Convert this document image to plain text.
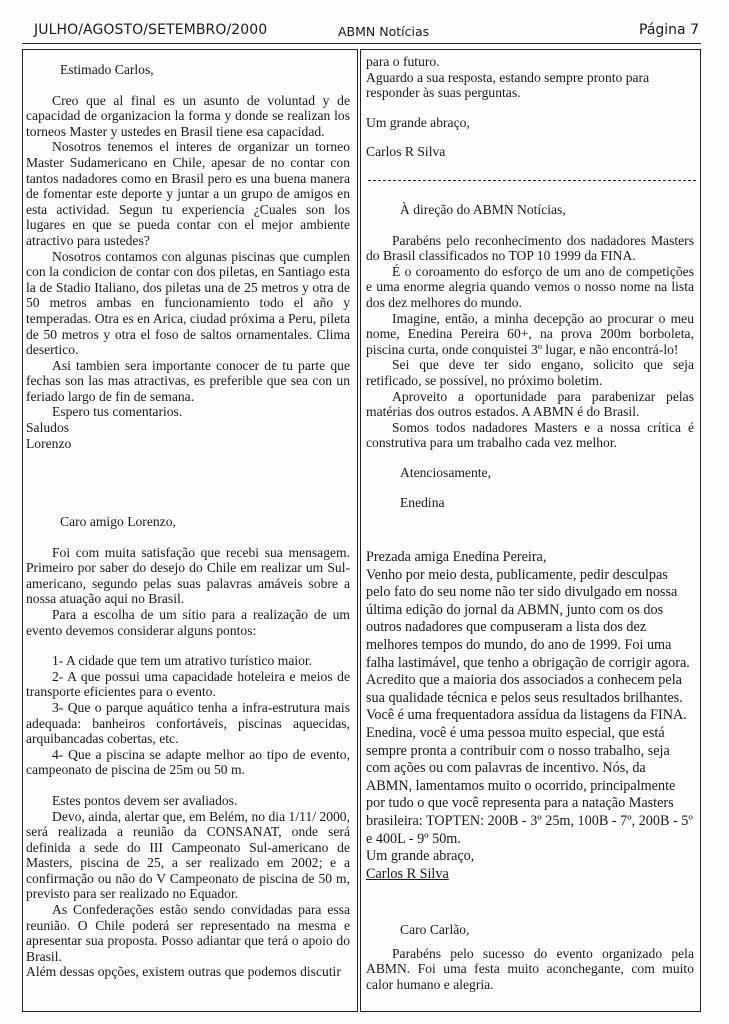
JULHO/AGOSTO/SETEMBRO/2000	ABMN Notícias	Página 7

Estimado Carlos,

Creo que al final es un asunto de voluntad y de capacidad de organizacion la forma y donde se realizan los torneos Master y ustedes en Brasil tiene esa capacidad.

Nosotros tenemos el interes de organizar un torneo Master Sudamericano en Chile, apesar de no contar con tantos nadadores como en Brasil pero es una buena manera de fomentar este deporte y juntar a un grupo de amigos en esta actividad. Segun tu experiencia ¿Cuales son los lugares en que se pueda contar con el mejor ambiente atractivo para ustedes?

Nosotros contamos con algunas piscinas que cumplen con la condicion de contar con dos piletas, en Santiago esta la de Stadio Italiano, dos piletas una de 25 metros y otra de 50 metros ambas en funcionamiento todo el año y temperadas. Otra es en Arica, ciudad próxima a Peru, pileta de 50 metros y otra el foso de saltos ornamentales. Clima desertico.

Asi tambien sera importante conocer de tu parte que fechas son las mas atractivas, es preferible que sea con un feriado largo de fin de semana.

Espero tus comentarios.

Saludos

Lorenzo

Caro amigo Lorenzo,

Foi com muita satisfação que recebi sua mensagem. Primeiro por saber do desejo do Chile em realizar um Sul-americano, segundo pelas suas palavras amáveis sobre a nossa atuação aqui no Brasil.

Para a escolha de um sítio para a realização de um evento devemos considerar alguns pontos:

1- A cidade que tem um atrativo turístico maior.

2- A que possui uma capacidade hoteleira e meios de transporte eficientes para o evento.

3- Que o parque aquático tenha a infra-estrutura mais adequada: banheiros confortáveis, piscinas aquecidas, arquibancadas cobertas, etc.

4- Que a piscina se adapte melhor ao tipo de evento, campeonato de piscina de 25m ou 50 m.

Estes pontos devem ser avaliados.

Devo, ainda, alertar que, em Belém, no dia 1/11/ 2000, será realizada a reunião da CONSANAT, onde será definida a sede do III Campeonato Sul-americano de Masters, piscina de 25, a ser realizado em 2002; e a confirmação ou não do V Campeonato de piscina de 50 m, previsto para ser realizado no Equador.

As Confederações estão sendo convidadas para essa reunião. O Chile poderá ser representado na mesma e apresentar sua proposta. Posso adiantar que terá o apoio do Brasil.

Além dessas opções, existem outras que podemos discutir

para o futuro.

Aguardo a sua resposta, estando sempre pronto para responder às suas perguntas.

Um grande abraço,

Carlos R Silva

À direção do ABMN Notícias,

Parabéns pelo reconhecimento dos nadadores Masters do Brasil classificados no TOP 10 1999 da FINA.

É o coroamento do esforço de um ano de competições e uma enorme alegria quando vemos o nosso nome na lista dos dez melhores do mundo.

Imagine, então, a minha decepção ao procurar o meu nome, Enedina Pereira 60+, na prova 200m borboleta, piscina curta, onde conquistei 3º lugar, e não encontrá-lo!

Sei que deve ter sido engano, solicito que seja retificado, se possível, no próximo boletim.

Aproveito a oportunidade para parabenizar pelas matérias dos outros estados. A ABMN é do Brasil.

Somos todos nadadores Masters e a nossa crítica é construtiva para um trabalho cada vez melhor.

Atenciosamente,

Enedina

Prezada amiga Enedina Pereira,

Venho por meio desta, publicamente, pedir desculpas pelo fato do seu nome não ter sido divulgado em nossa última edição do jornal da ABMN, junto com os dos outros nadadores que compuseram a lista dos dez melhores tempos do mundo, do ano de 1999. Foi uma falha lastimável, que tenho a obrigação de corrigir agora. Acredito que a maioria dos associados a conhecem pela sua qualidade técnica e pelos seus resultados brilhantes. Você é uma frequentadora assídua da listagens da FINA. Enedina, você é uma pessoa muito especial, que está sempre pronta a contribuir com o nosso trabalho, seja com ações ou com palavras de incentivo. Nós, da ABMN, lamentamos muito o ocorrido, principalmente por tudo o que você representa para a natação Masters brasileira: TOPTEN: 200B - 3º 25m, 100B - 7º, 200B - 5º e 400L - 9º 50m.

Um grande abraço,

Carlos R Silva

Caro Carlão,

Parabéns pelo sucesso do evento organizado pela ABMN. Foi uma festa muito aconchegante, com muito calor humano e alegria.
